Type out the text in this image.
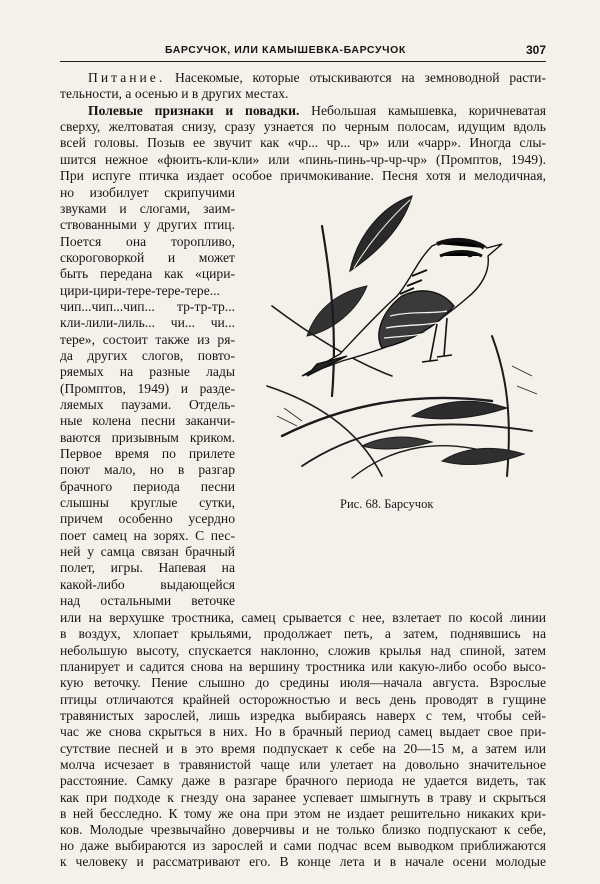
БАРСУЧОК, ИЛИ КАМЫШЕВКА-БАРСУЧОК	307

Питание. Насекомые, которые отыскиваются на земноводной расти-

тельности, а осенью и в других местах.

Полевые признаки и повадки. Небольшая камышевка, коричневатая

сверху, желтоватая снизу, сразу узнается по черным полосам, идущим вдоль

всей головы. Позыв ее звучит как «чр... чр... чр» или «чарр». Иногда слы-

шится нежное «фюить-кли-кли» или «пинь-пинь-чр-чр-чр» (Промптов, 1949).

При испуге птичка издает особое причмокивание. Песня хотя и мелодичная,

но изобилует скрипучими

звуками и слогами, заим-

ствованными у других птиц.

Поется она торопливо,

скороговоркой и может

быть передана как «цири-

цири-цири-тере-тере-тере...

чип...чип...чип... тр-тр-тр...

кли-лили-лиль... чи... чи...

тере», состоит также из ря-

да других слогов, повто-

ряемых на разные лады

(Промптов, 1949) и разде-

ляемых паузами. Отдель-

ные колена песни заканчи-

ваются призывным криком.

Первое время по прилете

поют мало, но в разгар

брачного периода песни

слышны круглые сутки,

причем особенно усердно

поет самец на зорях. С пес-

ней у самца связан брачный

полет, игры. Напевая на

какой-либо выдающейся

над остальными веточке

Рис. 68. Барсучок

или на верхушке тростника, самец срывается с нее, взлетает по косой линии

в воздух, хлопает крыльями, продолжает петь, а затем, поднявшись на

небольшую высоту, спускается наклонно, сложив крылья над спиной, затем

планирует и садится снова на вершину тростника или какую-либо особо высо-

кую веточку. Пение слышно до средины июля—начала августа. Взрослые

птицы отличаются крайней осторожностью и весь день проводят в гущине

травянистых зарослей, лишь изредка выбираясь наверх с тем, чтобы сей-

час же снова скрыться в них. Но в брачный период самец выдает свое при-

сутствие песней и в это время подпускает к себе на 20—15 м, а затем или

молча исчезает в травянистой чаще или улетает на довольно значительное

расстояние. Самку даже в разгаре брачного периода не удается видеть, так

как при подходе к гнезду она заранее успевает шмыгнуть в траву и скрыться

в ней бесследно. К тому же она при этом не издает решительно никаких кри-

ков. Молодые чрезвычайно доверчивы и не только близко подпускают к себе,

но даже выбираются из зарослей и сами подчас всем выводком приближаются

к человеку и рассматривают его. В конце лета и в начале осени молодые
